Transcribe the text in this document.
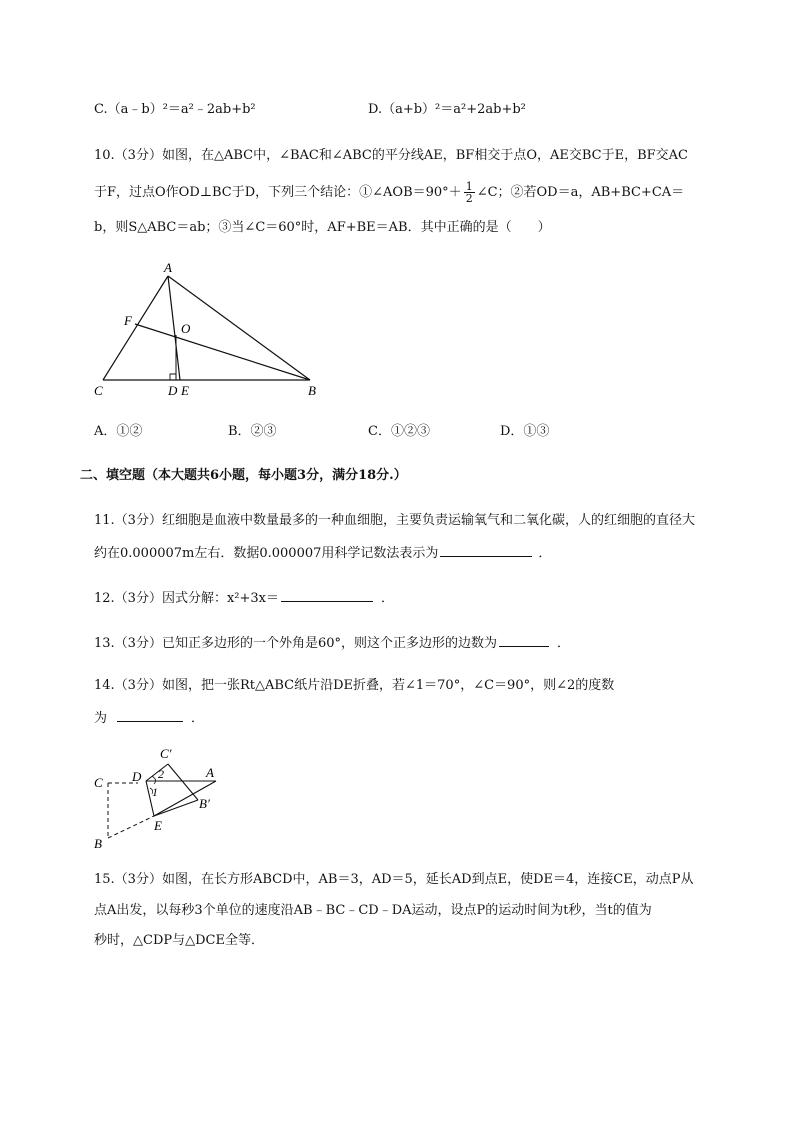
C.（a﹣b）²＝a²﹣2ab+b²	D.（a+b）²＝a²+2ab+b²
10.（3分）如图，在△ABC中，∠BAC和∠ABC的平分线AE，BF相交于点O，AE交BC于E，BF交AC
于F，过点O作OD⊥BC于D，下列三个结论：①∠AOB＝90°＋ $\frac{1}{2}$ ∠C；②若OD＝a，AB+BC+CA＝
b，则S△ABC＝ab；③当∠C＝60°时，AF+BE＝AB．其中正确的是（　　）
A
F
O
C	D E	B
A．①②	B．②③	C．①②③	D．①③
二、填空题（本大题共6小题，每小题3分，满分18分.）
11.（3分）红细胞是血液中数量最多的一种血细胞，主要负责运输氧气和二氧化碳，人的红细胞的直径大
约在0.000007m左右．数据0.000007用科学记数法表示为	．
12.（3分）因式分解：x²+3x＝	．
13.（3分）已知正多边形的一个外角是60°，则这个正多边形的边数为	．
14.（3分）如图，把一张Rt△ABC纸片沿DE折叠，若∠1＝70°，∠C＝90°，则∠2的度数
为	．
C′
C D 2
1
A
B′
E
B
15.（3分）如图，在长方形ABCD中，AB＝3，AD＝5，延长AD到点E，使DE＝4，连接CE，动点P从
点A出发，以每秒3个单位的速度沿AB﹣BC﹣CD﹣DA运动，设点P的运动时间为t秒，当t的值为
秒时，△CDP与△DCE全等．
